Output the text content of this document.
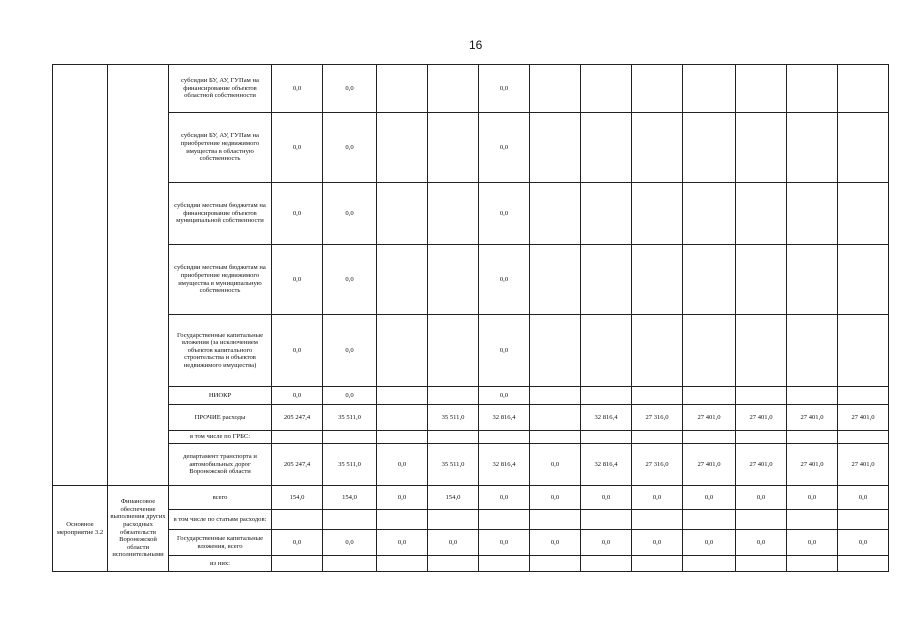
16
		субсидии БУ, АУ, ГУПам на финансирование объектов областной собственности	0,0	0,0			0,0							
		субсидии БУ, АУ, ГУПам на приобретение недвижимого имущества в областную собственность	0,0	0,0			0,0							
		субсидии местным бюджетам на финансирование объектов муниципальной собственности	0,0	0,0			0,0							
		субсидии местным бюджетам на приобретение недвижимого имущества в муниципальную собственность	0,0	0,0			0,0							
		Государственные капитальные вложения (за исключением объектов капитального строительства и объектов недвижимого имущества)	0,0	0,0			0,0							
		НИОКР	0,0	0,0			0,0							
		ПРОЧИЕ расходы	205 247,4	35 511,0		35 511,0	32 816,4		32 816,4	27 316,0	27 401,0	27 401,0	27 401,0	27 401,0
		в том числе по ГРБС:												
		департамент транспорта и автомобильных дорог Воронежской области	205 247,4	35 511,0	0,0	35 511,0	32 816,4	0,0	32 816,4	27 316,0	27 401,0	27 401,0	27 401,0	27 401,0
Основное мероприятие 3.2	Финансовое обеспечение выполнения других расходных обязательств Воронежской области исполнительными	всего	154,0	154,0	0,0	154,0	0,0	0,0	0,0	0,0	0,0	0,0	0,0	0,0
		в том числе по статьям расходов:												
		Государственные капитальные вложения, всего	0,0	0,0	0,0	0,0	0,0	0,0	0,0	0,0	0,0	0,0	0,0	0,0
		из них:												
